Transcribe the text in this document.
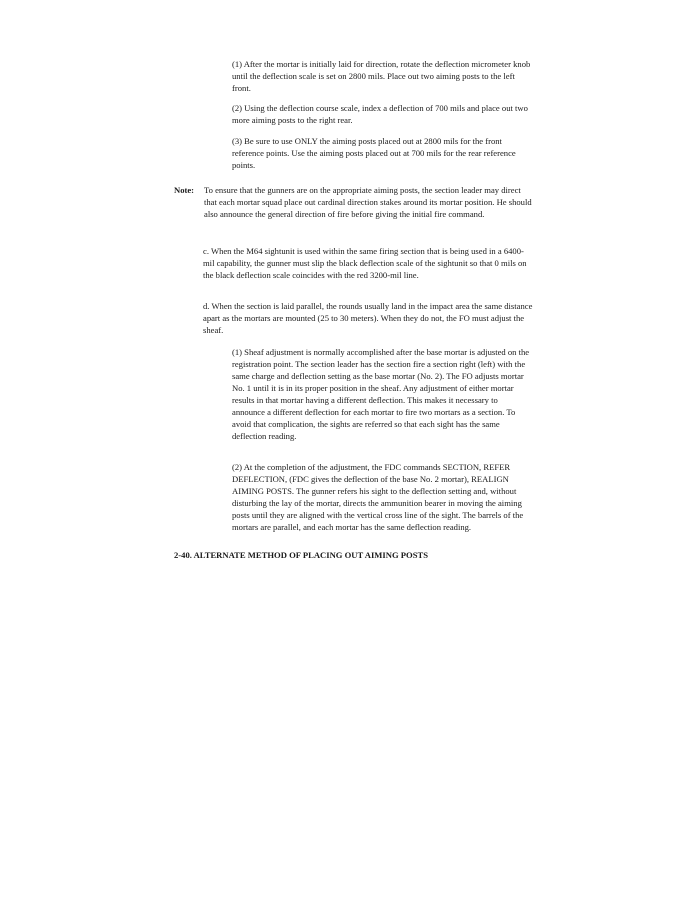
(1) After the mortar is initially laid for direction, rotate the deflection micrometer knob until the deflection scale is set on 2800 mils. Place out two aiming posts to the left front.

(2) Using the deflection course scale, index a deflection of 700 mils and place out two more aiming posts to the right rear.

(3) Be sure to use ONLY the aiming posts placed out at 2800 mils for the front reference points. Use the aiming posts placed out at 700 mils for the rear reference points.

Note: To ensure that the gunners are on the appropriate aiming posts, the section leader may direct that each mortar squad place out cardinal direction stakes around its mortar position. He should also announce the general direction of fire before giving the initial fire command.

c. When the M64 sightunit is used within the same firing section that is being used in a 6400-mil capability, the gunner must slip the black deflection scale of the sightunit so that 0 mils on the black deflection scale coincides with the red 3200-mil line.

d. When the section is laid parallel, the rounds usually land in the impact area the same distance apart as the mortars are mounted (25 to 30 meters). When they do not, the FO must adjust the sheaf.

(1) Sheaf adjustment is normally accomplished after the base mortar is adjusted on the registration point. The section leader has the section fire a section right (left) with the same charge and deflection setting as the base mortar (No. 2). The FO adjusts mortar No. 1 until it is in its proper position in the sheaf. Any adjustment of either mortar results in that mortar having a different deflection. This makes it necessary to announce a different deflection for each mortar to fire two mortars as a section. To avoid that complication, the sights are referred so that each sight has the same deflection reading.

(2) At the completion of the adjustment, the FDC commands SECTION, REFER DEFLECTION, (FDC gives the deflection of the base No. 2 mortar), REALIGN AIMING POSTS. The gunner refers his sight to the deflection setting and, without disturbing the lay of the mortar, directs the ammunition bearer in moving the aiming posts until they are aligned with the vertical cross line of the sight. The barrels of the mortars are parallel, and each mortar has the same deflection reading.

2-40. ALTERNATE METHOD OF PLACING OUT AIMING POSTS
